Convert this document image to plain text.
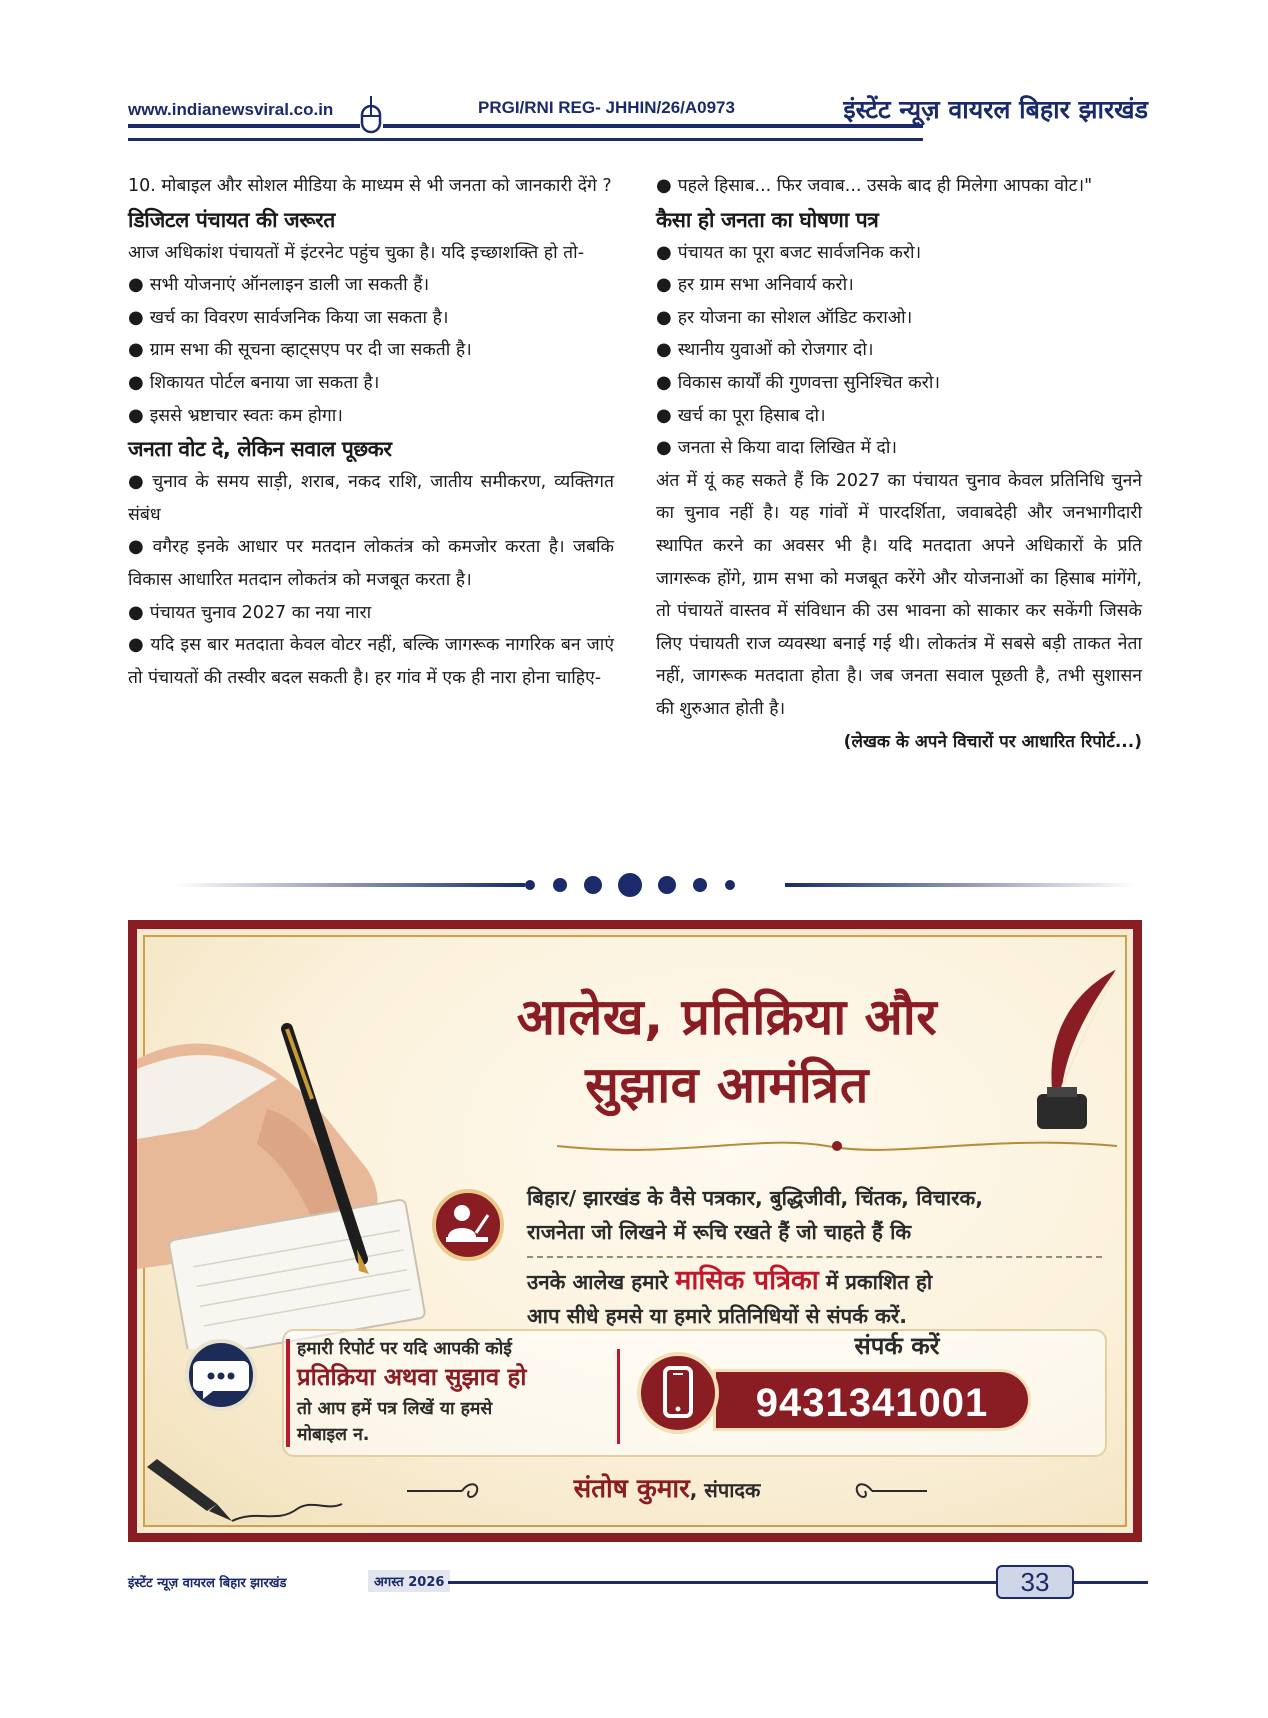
www.indianewsviral.co.in	PRGI/RNI REG- JHHIN/26/A0973	इंस्टेंट न्यूज़ वायरल बिहार झारखंड

10. मोबाइल और सोशल मीडिया के माध्यम से भी जनता को जानकारी देंगे ?

डिजिटल पंचायत की जरूरत

आज अधिकांश पंचायतों में इंटरनेट पहुंच चुका है। यदि इच्छाशक्ति हो तो-

● सभी योजनाएं ऑनलाइन डाली जा सकती हैं।

● खर्च का विवरण सार्वजनिक किया जा सकता है।

● ग्राम सभा की सूचना व्हाट्सएप पर दी जा सकती है।

● शिकायत पोर्टल बनाया जा सकता है।

● इससे भ्रष्टाचार स्वतः कम होगा।

जनता वोट दे, लेकिन सवाल पूछकर

● चुनाव के समय साड़ी, शराब, नकद राशि, जातीय समीकरण, व्यक्तिगत संबंध

● वगैरह इनके आधार पर मतदान लोकतंत्र को कमजोर करता है। जबकि विकास आधारित मतदान लोकतंत्र को मजबूत करता है।

● पंचायत चुनाव 2027 का नया नारा

● यदि इस बार मतदाता केवल वोटर नहीं, बल्कि जागरूक नागरिक बन जाएं तो पंचायतों की तस्वीर बदल सकती है। हर गांव में एक ही नारा होना चाहिए-

● पहले हिसाब... फिर जवाब... उसके बाद ही मिलेगा आपका वोट।"

कैसा हो जनता का घोषणा पत्र

● पंचायत का पूरा बजट सार्वजनिक करो।

● हर ग्राम सभा अनिवार्य करो।

● हर योजना का सोशल ऑडिट कराओ।

● स्थानीय युवाओं को रोजगार दो।

● विकास कार्यों की गुणवत्ता सुनिश्चित करो।

● खर्च का पूरा हिसाब दो।

● जनता से किया वादा लिखित में दो।

अंत में यूं कह सकते हैं कि 2027 का पंचायत चुनाव केवल प्रतिनिधि चुनने का चुनाव नहीं है। यह गांवों में पारदर्शिता, जवाबदेही और जनभागीदारी स्थापित करने का अवसर भी है। यदि मतदाता अपने अधिकारों के प्रति जागरूक होंगे, ग्राम सभा को मजबूत करेंगे और योजनाओं का हिसाब मांगेंगे, तो पंचायतें वास्तव में संविधान की उस भावना को साकार कर सकेंगी जिसके लिए पंचायती राज व्यवस्था बनाई गई थी। लोकतंत्र में सबसे बड़ी ताकत नेता नहीं, जागरूक मतदाता होता है। जब जनता सवाल पूछती है, तभी सुशासन की शुरुआत होती है।

(लेखक के अपने विचारों पर आधारित रिपोर्ट...)

आलेख, प्रतिक्रिया और
सुझाव आमंत्रित
बिहार/ झारखंड के वैसे पत्रकार, बुद्धिजीवी, चिंतक, विचारक,
राजनेता जो लिखने में रूचि रखते हैं जो चाहते हैं कि
उनके आलेख हमारे मासिक पत्रिका में प्रकाशित हो
आप सीधे हमसे या हमारे प्रतिनिधियों से संपर्क करें.
हमारी रिपोर्ट पर यदि आपकी कोई
प्रतिक्रिया अथवा सुझाव हो
तो आप हमें पत्र लिखें या हमसे
मोबाइल न.
संपर्क करें
9431341001
संतोष कुमार, संपादक
इंस्टेंट न्यूज़ वायरल बिहार झारखंड	अगस्त 2026	33
